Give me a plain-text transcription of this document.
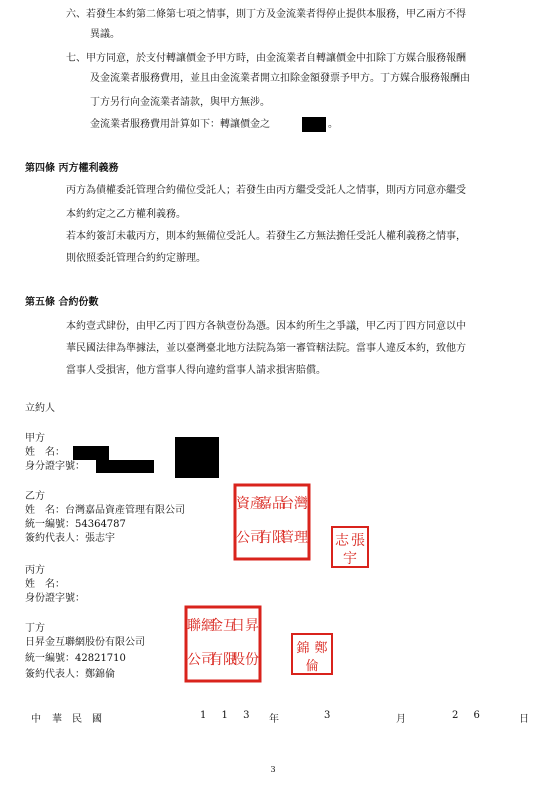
六、若發生本約第二條第七項之情事，則丁方及金流業者得停止提供本服務，甲乙兩方不得
異議。
七、甲方同意，於支付轉讓價金予甲方時，由金流業者自轉讓價金中扣除丁方媒合服務報酬
及金流業者服務費用，並且由金流業者開立扣除金額發票予甲方。丁方媒合服務報酬由
丁方另行向金流業者請款，與甲方無涉。
金流業者服務費用計算如下：轉讓價金之	。
第四條 丙方權利義務
丙方為債權委託管理合約備位受託人；若發生由丙方繼受受託人之情事，則丙方同意亦繼受
本約約定之乙方權利義務。
若本約簽訂未載丙方，則本約無備位受託人。若發生乙方無法擔任受託人權利義務之情事，
則依照委託管理合約約定辦理。
第五條 合約份數
本約壹式肆份，由甲乙丙丁四方各執壹份為憑。因本約所生之爭議，甲乙丙丁四方同意以中
華民國法律為準據法，並以臺灣臺北地方法院為第一審管轄法院。當事人違反本約，致他方
當事人受損害，他方當事人得向違約當事人請求損害賠償。
立約人
甲方
姓　名：
身分證字號：
乙方
姓　名：台灣嘉品資產管理有限公司
統一編號：54364787
簽約代表人：張志宇
台灣
嘉品
資產
管理
有限
公司	張
志
宇
丙方
姓　名：
身份證字號：
丁方
日昇金互聯網股份有限公司
統一編號：42821710
簽約代表人：鄭錦倫
日昇
金互
聯網
股份
有限
公司
鄭
錦
倫
中 華 民 國	1 1 3 年	3	月	2 6	日
3
